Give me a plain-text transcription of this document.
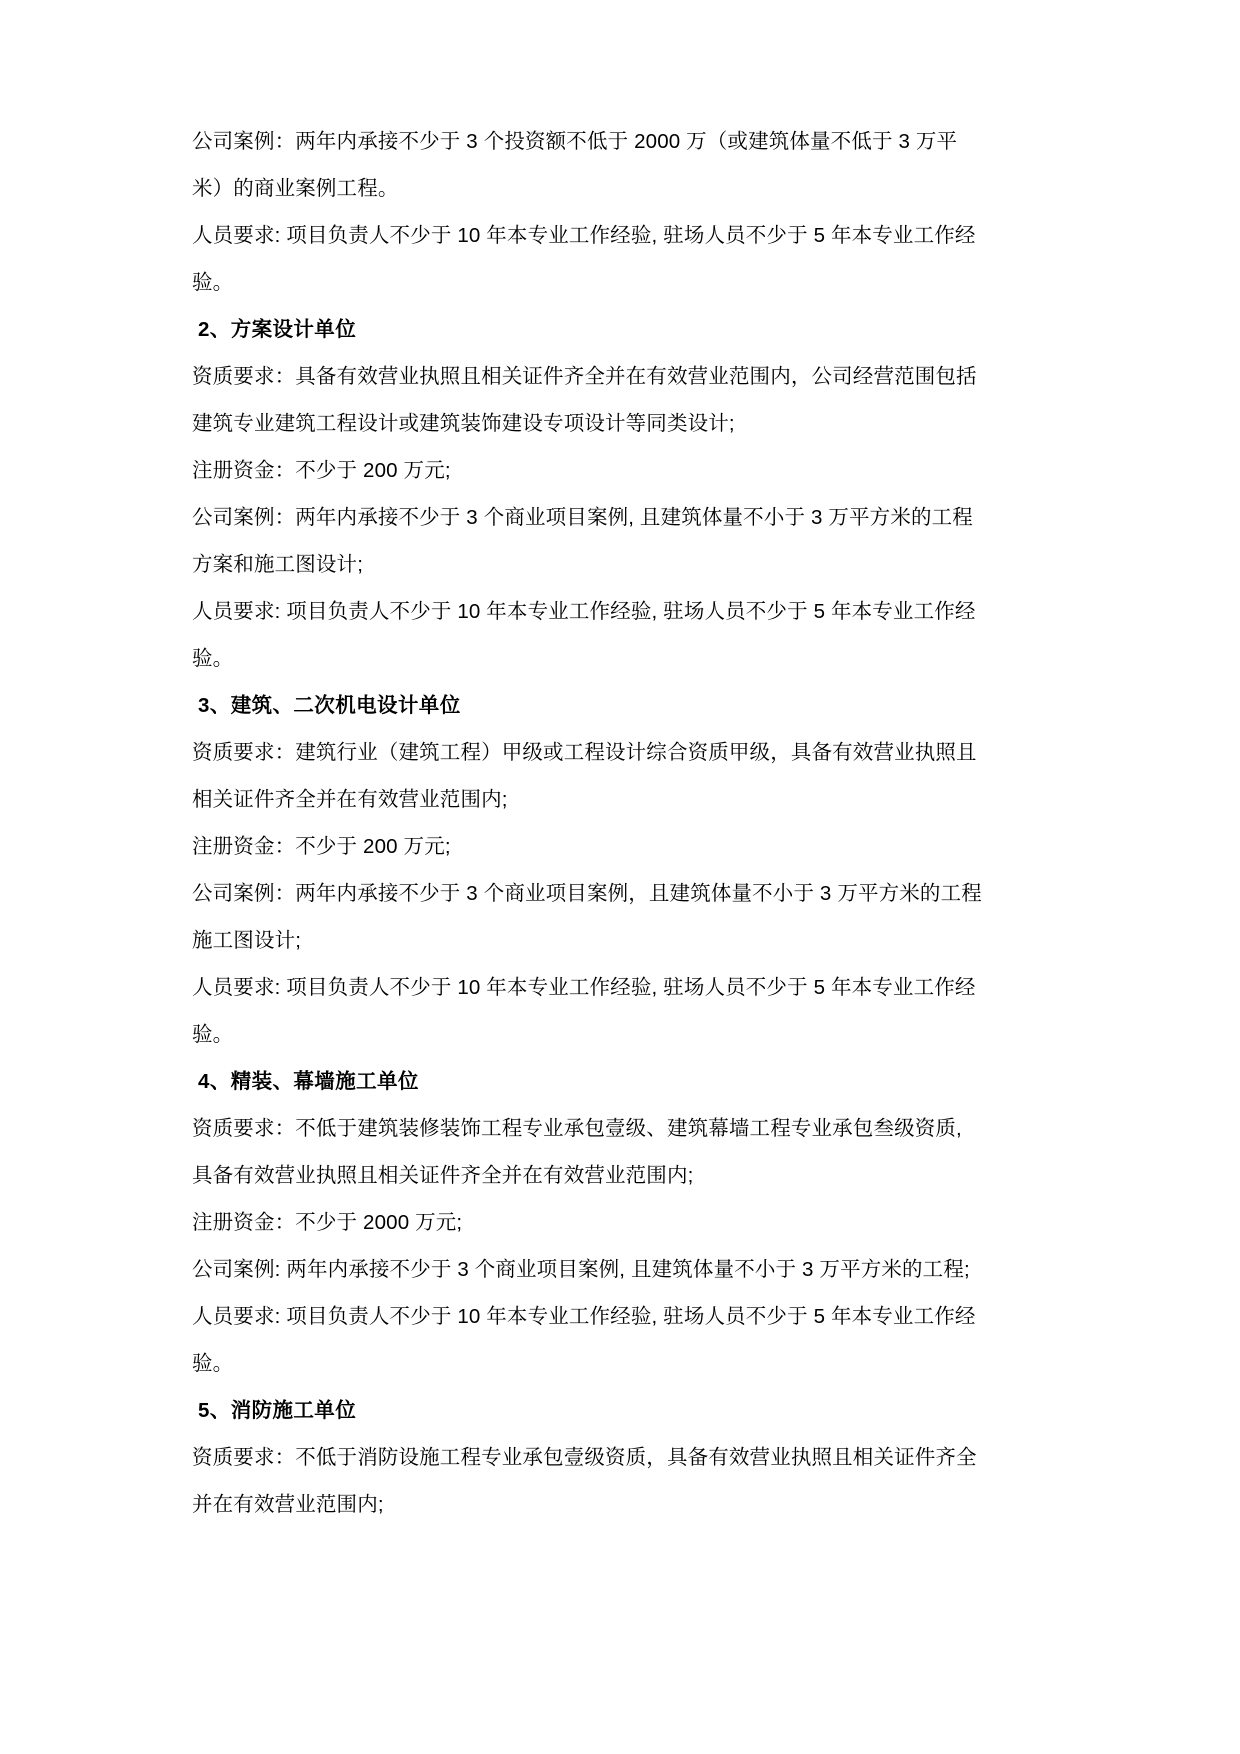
公司案例：两年内承接不少于 3 个投资额不低于 2000 万（或建筑体量不低于 3 万平
米）的商业案例工程。
人员要求: 项目负责人不少于 10 年本专业工作经验, 驻场人员不少于 5 年本专业工作经
验。
2、方案设计单位
资质要求：具备有效营业执照且相关证件齐全并在有效营业范围内，公司经营范围包括
建筑专业建筑工程设计或建筑装饰建设专项设计等同类设计;
注册资金：不少于 200 万元;
公司案例：两年内承接不少于 3 个商业项目案例, 且建筑体量不小于 3 万平方米的工程
方案和施工图设计;
人员要求: 项目负责人不少于 10 年本专业工作经验, 驻场人员不少于 5 年本专业工作经
验。
3、建筑、二次机电设计单位
资质要求：建筑行业（建筑工程）甲级或工程设计综合资质甲级，具备有效营业执照且
相关证件齐全并在有效营业范围内;
注册资金：不少于 200 万元;
公司案例：两年内承接不少于 3 个商业项目案例，且建筑体量不小于 3 万平方米的工程
施工图设计;
人员要求: 项目负责人不少于 10 年本专业工作经验, 驻场人员不少于 5 年本专业工作经
验。
4、精装、幕墙施工单位
资质要求：不低于建筑装修装饰工程专业承包壹级、建筑幕墙工程专业承包叁级资质,
具备有效营业执照且相关证件齐全并在有效营业范围内;
注册资金：不少于 2000 万元;
公司案例: 两年内承接不少于 3 个商业项目案例, 且建筑体量不小于 3 万平方米的工程;
人员要求: 项目负责人不少于 10 年本专业工作经验, 驻场人员不少于 5 年本专业工作经
验。
5、消防施工单位
资质要求：不低于消防设施工程专业承包壹级资质，具备有效营业执照且相关证件齐全
并在有效营业范围内;
